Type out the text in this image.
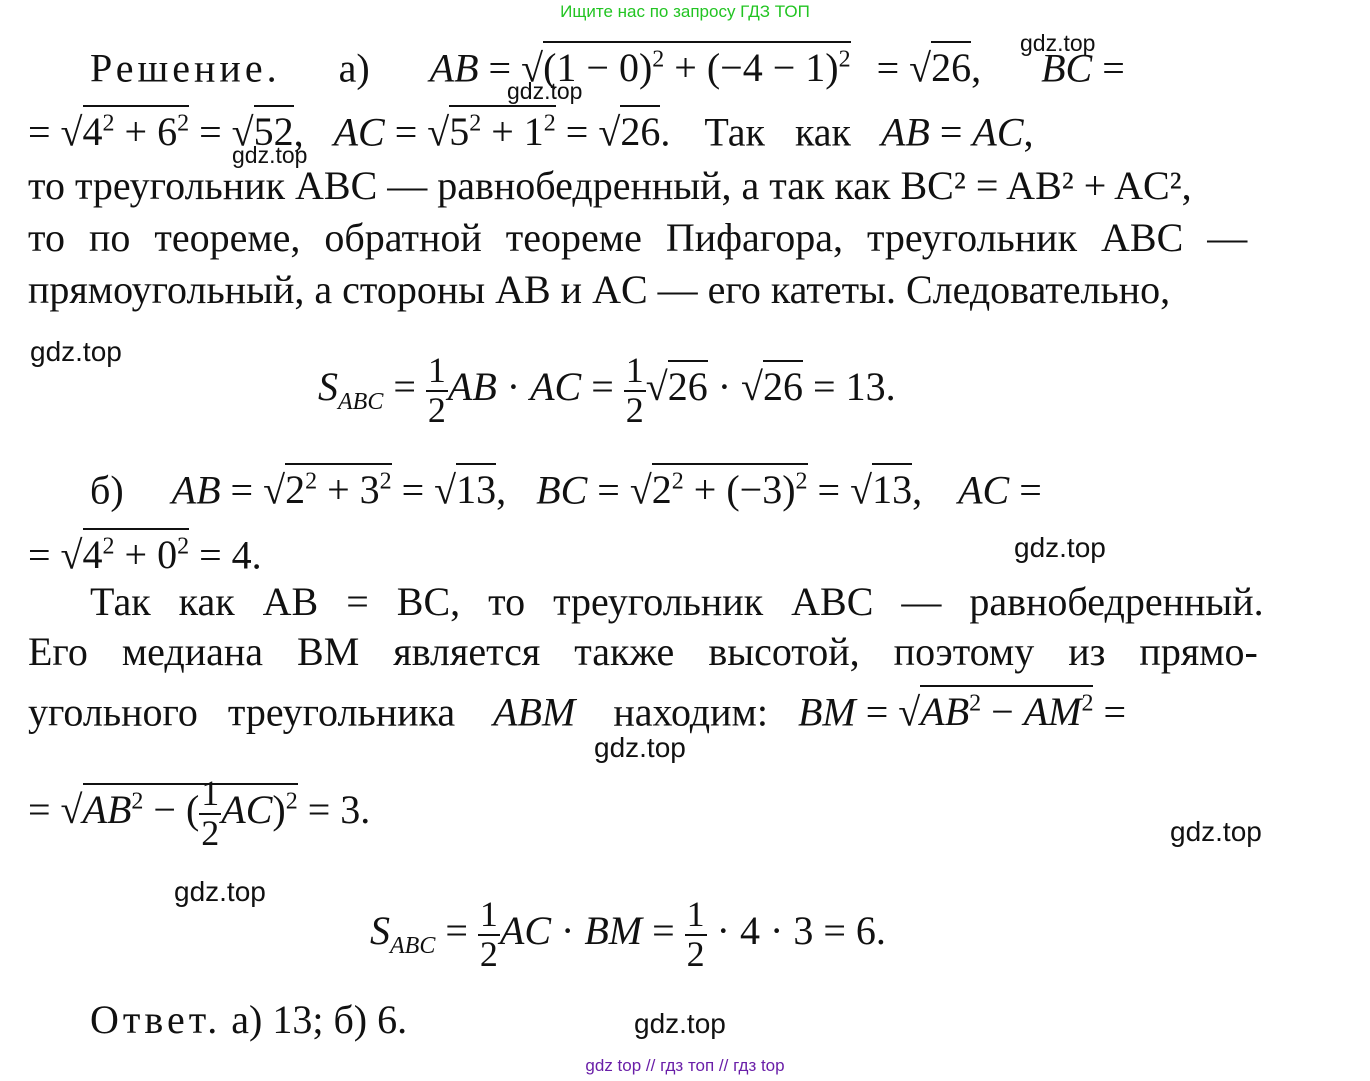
Ищите нас по запросу ГДЗ ТОП
Решение. а) AB = $√(1 - 0)^2 + (-4 - 1)^2 = √26$, BC =
= $√4^2 + 6^2 = √52$, AC = $√5^2 + 1^2 = √26$. Так как AB = AC,
то треугольник ABC — равнобедренный, а так как BC² = AB² + AC²,
то по теореме, обратной теореме Пифагора, треугольник ABC —
прямоугольный, а стороны AB и AC — его катеты. Следовательно,
$S_{ABC} = \frac{1}{2}$ AB · AC = $\frac{1}{2} √26 \cdot √26 = 13$.
б) AB = $√2^2 + 3^2 = √13$, BC = $√2^2 + (-3)^2 = √13$, AC =
= $√4^2 + 0^2 = 4$.
Так как AB = BC, то треугольник ABC — равнобедренный.
Его медиана BM является также высотой, поэтому из прямо-
угольного треугольника ABM находим: BM = $√AB^2 - AM^2$ =
= $√AB^2$ − ( $\frac{1}{2} AC)^2 = 3$.
$S_{ABC} = \frac{1}{2}$ AC · BM = $\frac{1}{2} \cdot 4 \cdot 3 = 6$.
Ответ. а) 13; б) 6.
gdz.top
gdz.top
gdz.top
gdz.top
gdz.top
gdz.top
gdz.top
gdz.top
gdz.top
gdz top // гдз топ // гдз top
